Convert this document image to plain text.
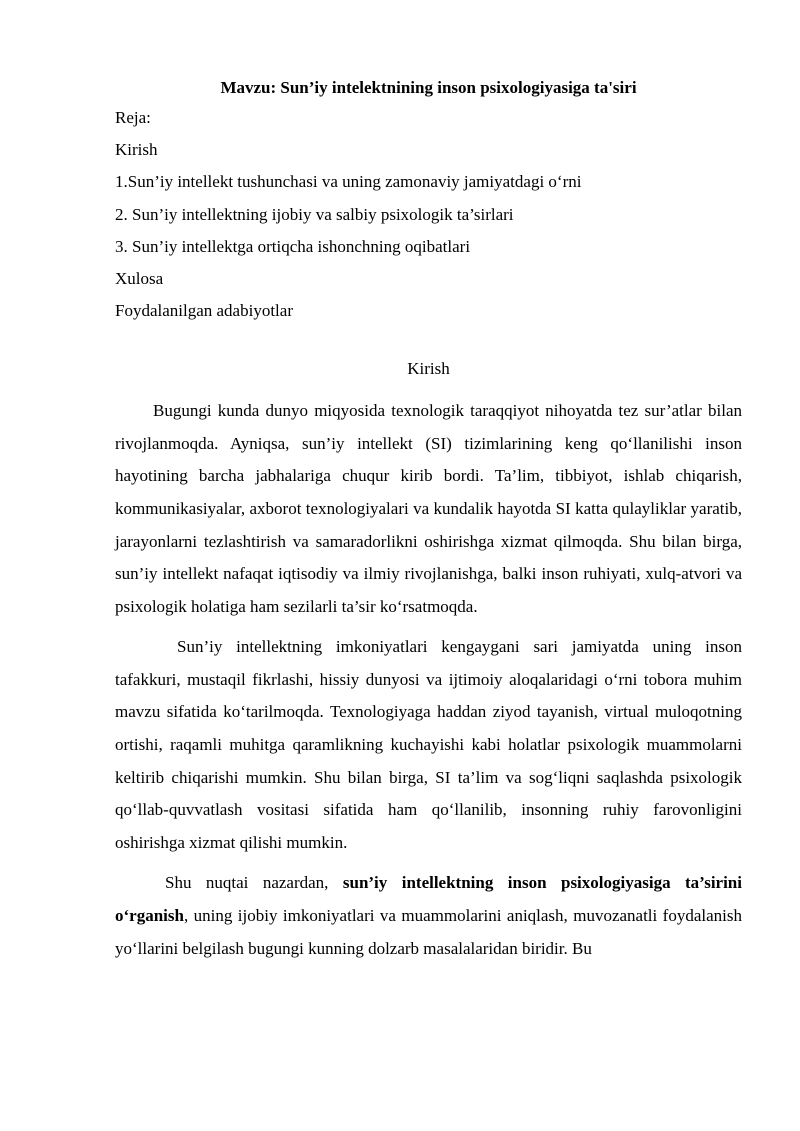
Mavzu: Sun’iy intelektnining inson psixologiyasiga ta'siri
Reja:
Kirish
1.Sun’iy intellekt tushunchasi va uning zamonaviy jamiyatdagi o‘rni
2. Sun’iy intellektning ijobiy va salbiy psixologik ta’sirlari
3. Sun’iy intellektga ortiqcha ishonchning oqibatlari
Xulosa
Foydalanilgan adabiyotlar
Kirish

Bugungi kunda dunyo miqyosida texnologik taraqqiyot nihoyatda tez sur’atlar bilan rivojlanmoqda. Ayniqsa, sun’iy intellekt (SI) tizimlarining keng qo‘llanilishi inson hayotining barcha jabhalariga chuqur kirib bordi. Ta’lim, tibbiyot, ishlab chiqarish, kommunikasiyalar, axborot texnologiyalari va kundalik hayotda SI katta qulayliklar yaratib, jarayonlarni tezlashtirish va samaradorlikni oshirishga xizmat qilmoqda. Shu bilan birga, sun’iy intellekt nafaqat iqtisodiy va ilmiy rivojlanishga, balki inson ruhiyati, xulq-atvori va psixologik holatiga ham sezilarli ta’sir ko‘rsatmoqda.

Sun’iy intellektning imkoniyatlari kengaygani sari jamiyatda uning inson tafakkuri, mustaqil fikrlashi, hissiy dunyosi va ijtimoiy aloqalaridagi o‘rni tobora muhim mavzu sifatida ko‘tarilmoqda. Texnologiyaga haddan ziyod tayanish, virtual muloqotning ortishi, raqamli muhitga qaramlikning kuchayishi kabi holatlar psixologik muammolarni keltirib chiqarishi mumkin. Shu bilan birga, SI ta’lim va sog‘liqni saqlashda psixologik qo‘llab-quvvatlash vositasi sifatida ham qo‘llanilib, insonning ruhiy farovonligini oshirishga xizmat qilishi mumkin.

Shu nuqtai nazardan, sun’iy intellektning inson psixologiyasiga ta’sirini o‘rganish, uning ijobiy imkoniyatlari va muammolarini aniqlash, muvozanatli foydalanish yo‘llarini belgilash bugungi kunning dolzarb masalalaridan biridir. Bu
